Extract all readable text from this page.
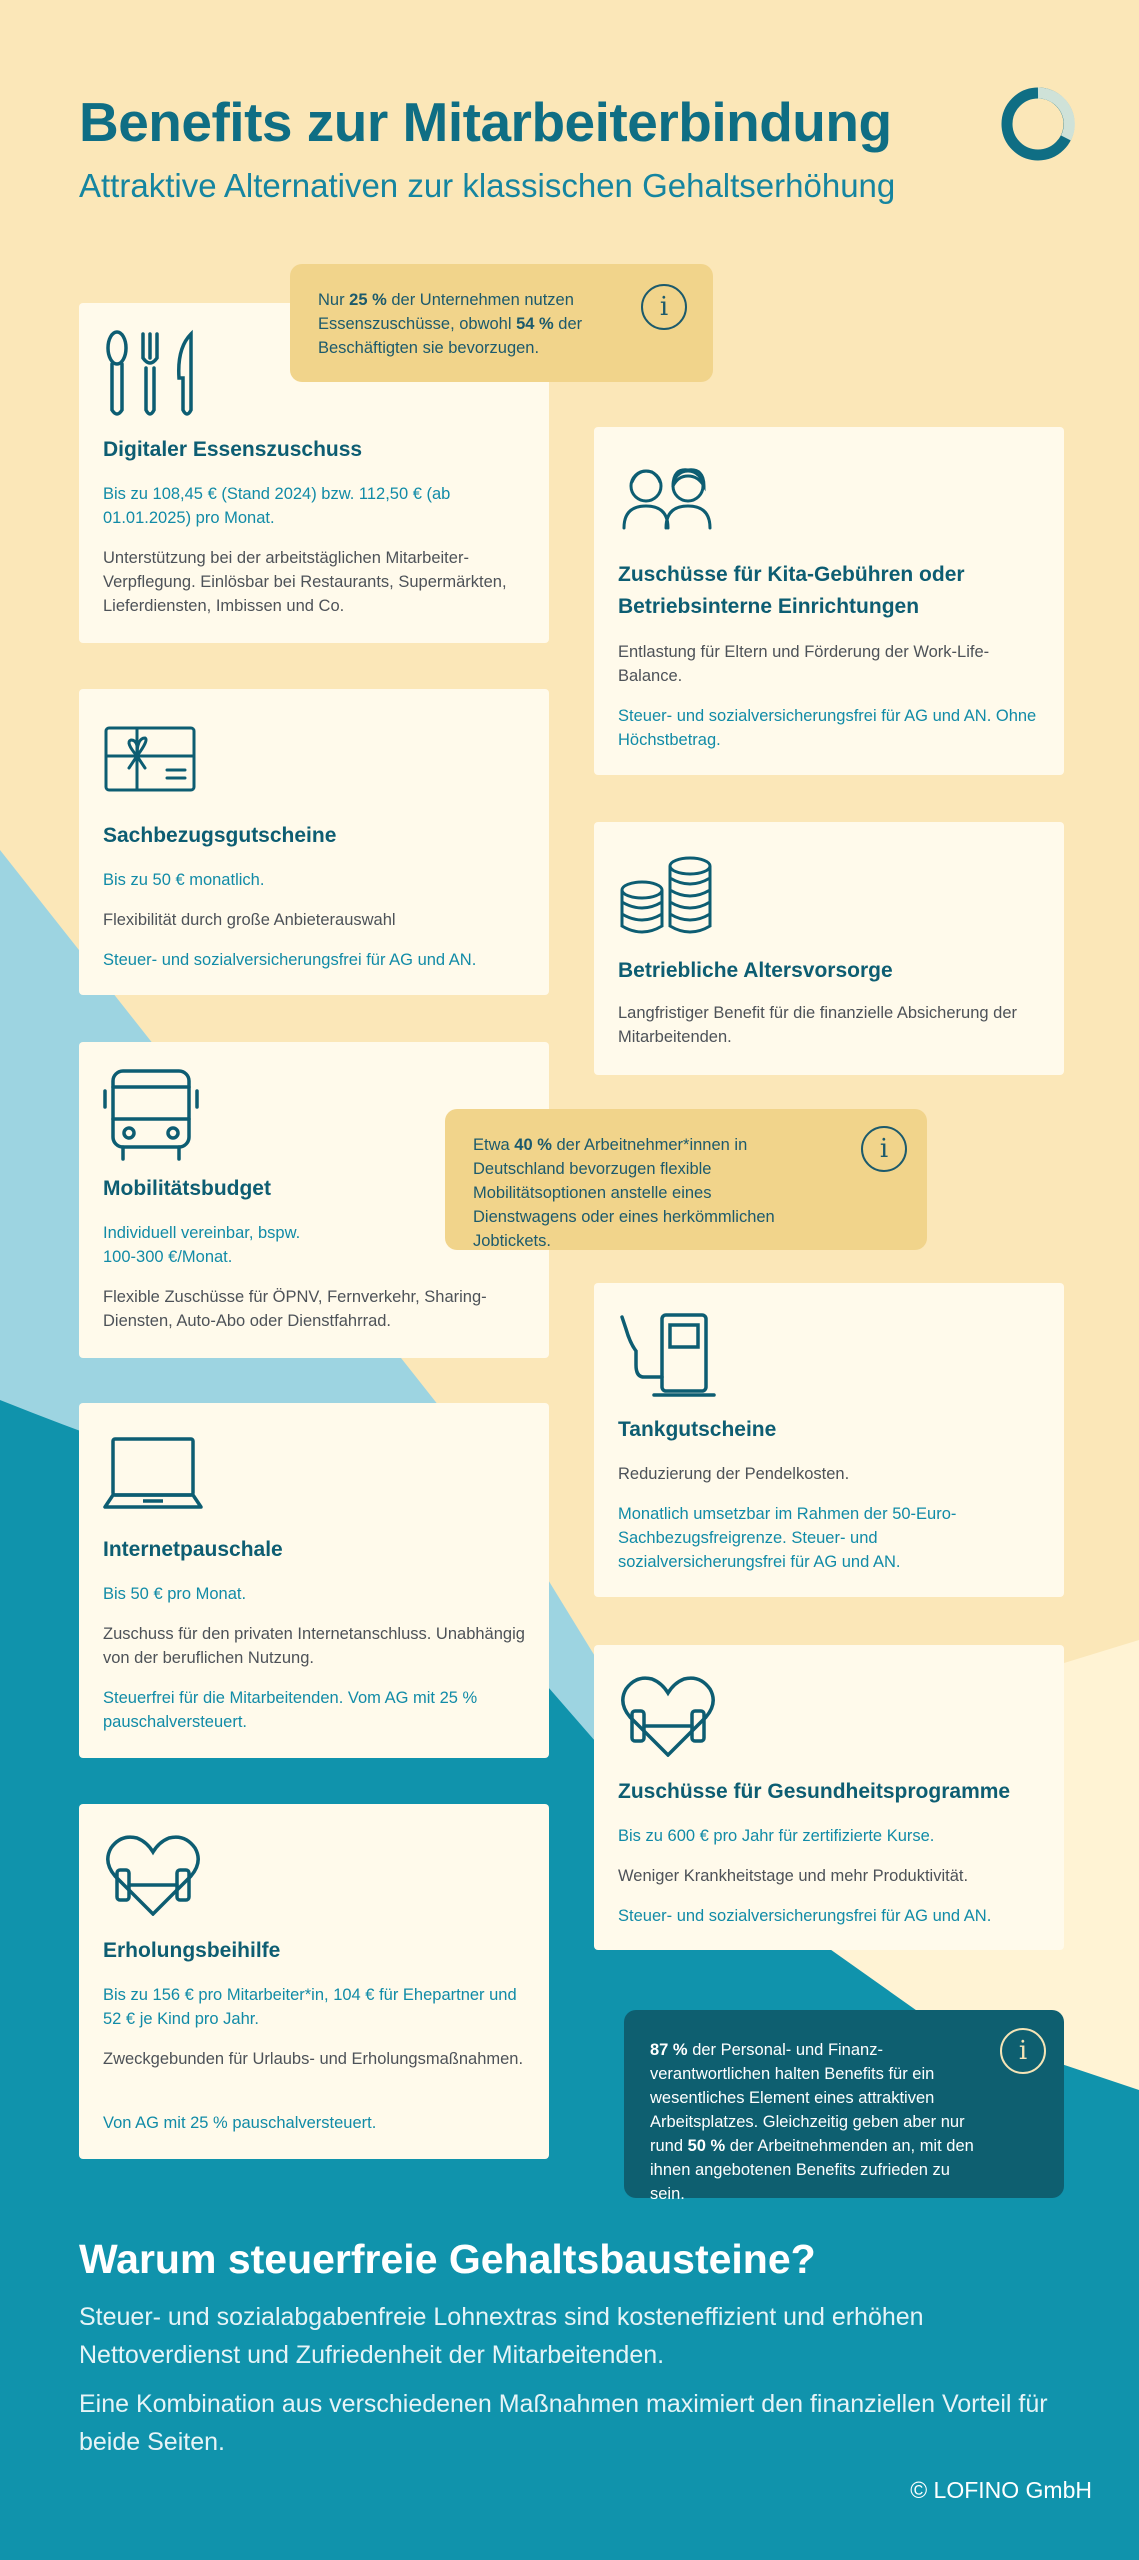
Benefits zur Mitarbeiterbindung
Attraktive Alternativen zur klassischen Gehaltserhöhung
Digitaler Essenszuschuss

Bis zu 108,45 € (Stand 2024) bzw. 112,50 € (ab 01.01.2025) pro Monat.

Unterstützung bei der arbeitstäglichen Mitarbeiter-Verpflegung. Einlösbar bei Restaurants, Supermärkten, Lieferdiensten, Imbissen und Co.

Nur 25 % der Unternehmen nutzen Essenszuschüsse, obwohl 54 % der Beschäftigten sie bevorzugen.
i
Zuschüsse für Kita-Gebühren oder Betriebsinterne Einrichtungen

Entlastung für Eltern und Förderung der Work-Life-Balance.

Steuer- und sozialversicherungsfrei für AG und AN. Ohne Höchstbetrag.

Sachbezugsgutscheine

Bis zu 50 € monatlich.

Flexibilität durch große Anbieterauswahl

Steuer- und sozialversicherungsfrei für AG und AN.	Betriebliche Altersvorsorge

Langfristiger Benefit für die finanzielle Absicherung der Mitarbeitenden.

Mobilitätsbudget

Individuell vereinbar, bspw. 100-300 €/Monat.

Flexible Zuschüsse für ÖPNV, Fernverkehr, Sharing-Diensten, Auto-Abo oder Dienstfahrrad.

Etwa 40 % der Arbeitnehmer*innen in Deutschland bevorzugen flexible Mobilitätsoptionen anstelle eines Dienstwagens oder eines herkömmlichen Jobtickets.
i
Tankgutscheine

Reduzierung der Pendelkosten.

Monatlich umsetzbar im Rahmen der 50-Euro-Sachbezugsfreigrenze. Steuer- und sozialversicherungsfrei für AG und AN.

Internetpauschale

Bis 50 € pro Monat.

Zuschuss für den privaten Internetanschluss. Unabhängig von der beruflichen Nutzung.

Steuerfrei für die Mitarbeitenden. Vom AG mit 25 % pauschalversteuert.

Zuschüsse für Gesundheitsprogramme

Bis zu 600 € pro Jahr für zertifizierte Kurse.

Weniger Krankheitstage und mehr Produktivität.

Steuer- und sozialversicherungsfrei für AG und AN.

Erholungsbeihilfe

Bis zu 156 € pro Mitarbeiter*in, 104 € für Ehepartner und 52 € je Kind pro Jahr.

Zweckgebunden für Urlaubs- und Erholungsmaßnahmen.

Von AG mit 25 % pauschalversteuert.

87 % der Personal- und Finanz-verantwortlichen halten Benefits für ein wesentliches Element eines attraktiven Arbeitsplatzes. Gleichzeitig geben aber nur rund 50 % der Arbeitnehmenden an, mit den ihnen angebotenen Benefits zufrieden zu sein.
i
Warum steuerfreie Gehaltsbausteine?
Steuer- und sozialabgabenfreie Lohnextras sind kosteneffizient und erhöhen Nettoverdienst und Zufriedenheit der Mitarbeitenden.
Eine Kombination aus verschiedenen Maßnahmen maximiert den finanziellen Vorteil für beide Seiten.
© LOFINO GmbH
